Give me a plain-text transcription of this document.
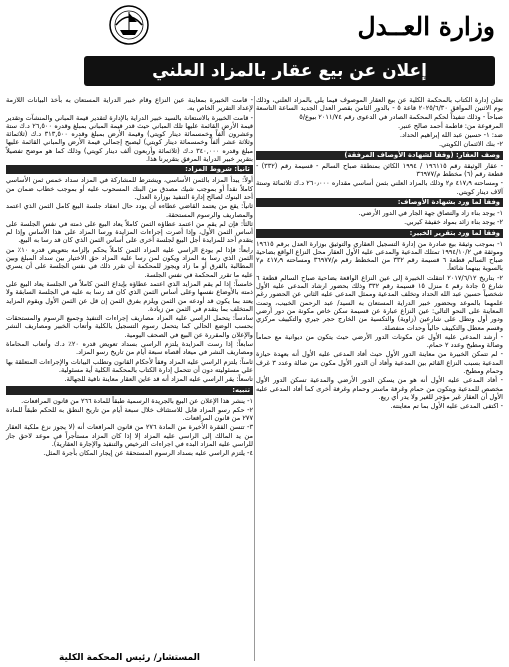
وزارة العــدل
إعلان عن بيع عقار بالمزاد العلني

تعلن إدارة الكتاب بالمحكمة الكلية عن بيع العقار الموصوف فيما يلي بالمزاد العلني، وذلك يوم الاثنين الموافق ٢٠٢٥/٦/٣٠ قاعة ٥ - بالدور الثامن بقصر العدل الجديد الساعة التاسعة صباحاً - وذلك تنفيذاً لحكم المحكمة الصادر في الدعوى رقم ٢٠١١/٧٤ بيوع/٥

المرفوعة من: فاطمة أحمد صالح عنبر.

ضد: ١- حسين عبد الله إبراهيم الحداد.

٢- بنك الائتمان الكويتي.

وصف العقار: (وفقاً لشهادة الأوصاف المرفقة)

- عقار الوثيقة رقم ١٩٦١١٥ / ١٩٩٤ الكائن بمنطقة صباح السالم - قسيمة رقم (٣٣٢) - قطعة رقم (٦) مخطط م/٣٦٩٧٧

- ومساحته ٤١٧٫٩ م٢ وذلك بالمزاد العلني بثمن أساسي مقداره ٢٦٠٫٠٠٠ د.ك ثلاثمائة وستة آلاف دينار كويتي.

وفقاً لما ورد بشهادة الأوصاف:

١- يوجد بناء زاد والتصاق جهة الجار في الدور الأرضي.

٢- يوجد بناء زائد بمواد خفيفة كيربي.

وفقاً لما ورد بتقرير الخبير:

١- بموجب وثيقة بيع صادرة من إدارة التسجيل العقاري والتوثيق بوزارة العدل برقم ١٩٦١٥ وموثقة في ١٩٩٤/١٠/٢ تمتلك المدعية والمدعى عليه الأول العقار محل النزاع الواقع بضاحية صباح السالم قطعة ٦ قسيمة رقم ٣٣٢ من المخطط رقم م/٣٦٩٧٧ ومساحته ٤١٧٫٩ م٢ بالسوية بينهما شائعاً.

٢- بتاريخ ٢٠١٧/٦/١٢ انتقلت الخبيرة إلى عين النزاع الواقعة بضاحية صباح السالم قطعة ٦ شارع ٥ جادة رقم ٤ منزل ١٥ قسيمة رقم ٣٣٢ وذلك بحضور ارشاد المدعى عليه الأول شخصياً حسين عبد الله الحداد وتخلف المدعية وممثل المدعى عليه الثاني عن الحضور رغم علمهما بالموعد وبحضور خبير الدراية المستعان به السيد/ عبد الرحمن الخبيب، وتمت المعاينة على النحو التالي: عين النزاع عبارة عن قسيمة سكن خاص مكونة من دور أرضي ودور أول وتطل على شارعين (زاوية) والتكسية من الخارج حجر جيري والتكييف مركزي وقسم معطل والتكييف حالياً وحدات منفصلة.

- أرشد المدعى عليه الأول عن مكونات الدور الأرضي حيث يتكون من ديوانية مع حماماً وصالة ومطبخ وعدد ٢ حمام.

- لم تتمكن الخبيرة من معاينة الدور الأول حيث أفاد المدعى عليه الأول أنه بعهدة حيازة المدعية بسبب النزاع القائم بين المدعية وأفاد أن الدور الأول مكون من صالة وعدد ٣ غرف وحمام ومطبخ.

- أفاد المدعى عليه الأول أنه هو من يسكن الدور الأرضي والمدعية تسكن الدور الأول مخصص للمدعية ويتكون من حمام وغرفة ماستر وحمام وغرفة أخرى كما أفاد المدعى عليه الأول أن العقار غير مؤجر للغير ولا يدر أي ريع.

- اكتفى المدعى عليه الأول بما تم معاينته.

- قامت الخبيرة بمعاينة عين النزاع وقام خبير الدراية المستعان به بأخذ البيانات اللازمة لإعداد التقرير الخاص به.

- قامت الخبيرة بالاستعانة بالسيد خبير الدراية بالإدارة لتقدير قيمة المباني والمنشآت وتقدير قيمة الأرض القائمة عليها تلك المباني حيث قدر قيمة المباني بمبلغ وقدره ٢٦,٥٠٠ د.ك ستة وعشرون ألفاً وخمسمائة دينار كويتي) وقيمة الأرض بمبلغ وقدره ٣١٣,٥٠٠ د.ك (ثلاثمائة وثلاثة عشر ألفاً وخمسمائة دينار كويتي) ليصبح إجمالي قيمة الأرض والمباني القائمة عليها مبلغ وقدره ٣٤٠,٠٠٠ د.ك (ثلاثمائة وأربعون ألف دينار كويتي) وذلك كما هو موضح تفصيلاً بتقرير خبير الدراية المرفق بتقريرنا هذا.

ثانياً: شروط المزاد:

أولاً: يبدأ المزاد بالثمن الأساسي، ويشترط للمشاركة في المزاد سداد خمس ثمن الأساسي كاملاً نقداً أو بموجب شيك مصدق من البنك المسحوب عليه أو بموجب خطاب ضمان من أحد البنوك لصالح إدارة التنفيذ بوزارة العدل.

ثانياً: يقع من يعتمد القاضي عطاءه أن يودد حال انعقاد جلسة البيع كامل الثمن الذي اعتمد والمصاريف والرسوم المستحقة.

ثالثاً: فإن لم يقم من اعتمد عطاؤه الثمن كاملاً يعاد البيع على ذمته في نفس الجلسة على أساس الثمن الأول، وإذا أصرت إجراءات المزايدة ورسا المزاد على هذا الأساس وإذا لم يتقدم أحد للمزايدة أجل البيع لجلسة أخرى على أساس الثمن الذي كان قد رسا به البيع.

رابعاً: فإذا لم يودع الراسي عليه المزاد الثمن كاملاً يحكم بإلزامه بتعويض قدره ١٠٪ من الثمن الذي رسا به المزاد ويكون لمن رسا عليه المزاد حق الاختيار بين سداد المبلغ وبين المطالبة بالفرق أو ما زاد ويجوز للمحكمة أن تقرر ذلك في نفس الجلسة على أن يسري عليه ما تقرر المحكمة في نفس الجلسة.

خامساً: إذا لم يقم المزايد الذي اعتمد عطاؤه بإيداع الثمن كاملاً في الجلسة يعاد البيع على ذمته بالأوضاع نفسها وعلى أساس الثمن الذي كان قد رسا به عليه في الجلسة السابقة ولا يعتد بما يكون قد أودعه من الثمن ويلزم بفرق الثمن إن قل عن الثمن الأول ويقوم المزايد المتخلف بما يتقدم في الثمن من زيادة.

سادساً: يتحمل الراسي عليه المزاد مصاريف إجراءات التنفيذ وجميع الرسوم والمستحقات بحسب الوضع الحالي كما يتحمل رسوم التسجيل بالكلية وأتعاب الخبير ومصاريف النشر والإعلان والمقررة عن البيع في الصحف اليومية.

سابعاً: إذا رست المزايدة يلتزم الراسي بسداد تعويض قدره ٢٠٪ د.ك وأتعاب المحاماة ومصاريف النشر في ميعاد أقصاه سبعة أيام من تاريخ رسو المزاد.

ثامناً: يلتزم الراسي عليه المزاد وفقاً لأحكام القانون وتطلب البيانات والإجراءات المتعلقة بها علي مسئوليته دون أن تتحمل إدارة الكتاب بالمحكمة الكلية أية مسئولية.

تاسعاً: يقر الراسي عليه المزاد أنه قد عاين العقار معاينة نافية للجهالة.

تنبيه:

١- ينشر هذا الإعلان عن البيع بالجريدة الرسمية طبقاً للمادة ٢٦٦ من قانون المرافعات.

٢- حكم رسو المزاد قابل للاستئناف خلال سبعة أيام من تاريخ النطق به للحكم طبقاً للمادة ٢٧٧ من قانون المرافعات.

٣- تتسن الفقرة الأخيرة من المادة ٢٧٦ من قانون المرافعات أنه (لا يجوز نزع ملكية العقار من يد المالك إلى الراسي عليه المزاد إلا إذا كان المزاد مستأجراً في موعد لاحق جاز للراسي عليه المزاد البدء في اجراءات الترخيص والتنفيذ والإجارة العقارية).

٤- يلتزم الراسي عليه بسداد الرسوم المستحقة عن إيجار المكان بأجرة المثل.

المستشار/ رئيس المحكمة الكلية
